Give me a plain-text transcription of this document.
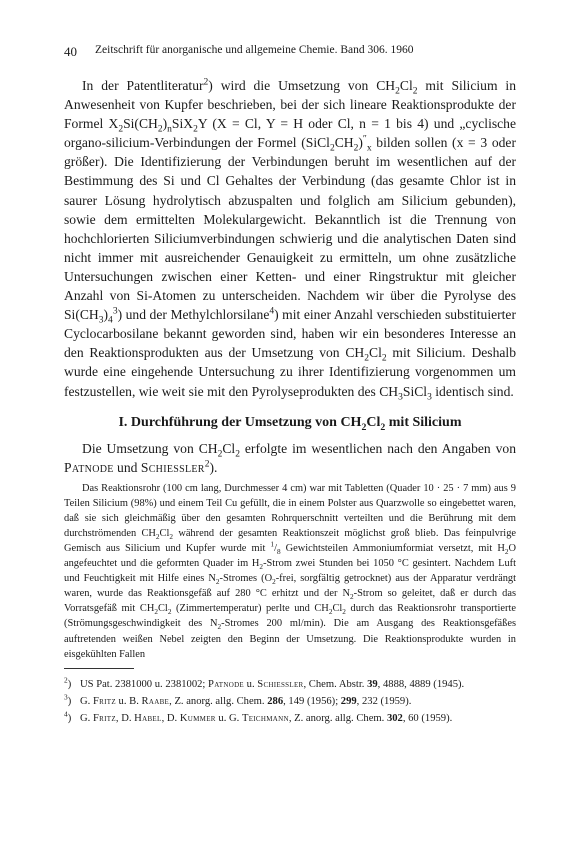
40 Zeitschrift für anorganische und allgemeine Chemie. Band 306. 1960

In der Patentliteratur$^2$) wird die Umsetzung von $CH_2Cl_2$ mit Silicium in Anwesenheit von Kupfer beschrieben, bei der sich lineare Reaktionsprodukte der Formel $X_2Si(CH_2)_nSiX_2Y$ (X = Cl, Y = H oder Cl, n = 1 bis 4) und „cyclische organo-silicium-Verbindungen der Formel $(SiCl_2CH_2)''_x$ bilden sollen (x = 3 oder größer). Die Identifizierung der Verbindungen beruht im wesentlichen auf der Bestimmung des Si und Cl Gehaltes der Verbindung (das gesamte Chlor ist in saurer Lösung hydrolytisch abzuspalten und folglich am Silicium gebunden), sowie dem ermittelten Molekulargewicht. Bekanntlich ist die Trennung von hochchlorierten Siliciumverbindungen schwierig und die analytischen Daten sind nicht immer mit ausreichender Genauigkeit zu ermitteln, um ohne zusätzliche Untersuchungen zwischen einer Ketten- und einer Ringstruktur mit gleicher Anzahl von Si-Atomen zu unterscheiden. Nachdem wir über die Pyrolyse des $Si(CH_3)_4^3$) und der Methylchlorsilane$^4$) mit einer Anzahl verschieden substituierter Cyclocarbosilane bekannt geworden sind, haben wir ein besonderes Interesse an den Reaktionsprodukten aus der Umsetzung von $CH_2Cl_2$ mit Silicium. Deshalb wurde eine eingehende Untersuchung zu ihrer Identifizierung vorgenommen um festzustellen, wie weit sie mit den Pyrolyseprodukten des $CH_3SiCl_3$ identisch sind.

I. Durchführung der Umsetzung von $CH_2Cl_2$ mit Silicium

Die Umsetzung von $CH_2Cl_2$ erfolgte im wesentlichen nach den Angaben von Patnode und Schiessler$^2$).

Das Reaktionsrohr (100 cm lang, Durchmesser 4 cm) war mit Tabletten (Quader 10 · 25 · 7 mm) aus 9 Teilen Silicium (98%) und einem Teil Cu gefüllt, die in einem Polster aus Quarzwolle so eingebettet waren, daß sie sich gleichmäßig über den gesamten Rohrquerschnitt verteilten und die Berührung mit dem durchströmenden $CH_2Cl_2$ während der gesamten Reaktionszeit möglichst groß blieb. Das feinpulvrige Gemisch aus Silicium und Kupfer wurde mit $^1/_8$ Gewichtsteilen Ammoniumformiat versetzt, mit $H_2O$ angefeuchtet und die geformten Quader im $H_2$-Strom zwei Stunden bei 1050 °C gesintert. Nachdem Luft und Feuchtigkeit mit Hilfe eines $N_2$-Stromes ($O_2$-frei, sorgfältig getrocknet) aus der Apparatur verdrängt waren, wurde das Reaktionsgefäß auf 280 °C erhitzt und der $N_2$-Strom so geleitet, daß er durch das Vorratsgefäß mit $CH_2Cl_2$ (Zimmertemperatur) perlte und $CH_2Cl_2$ durch das Reaktionsrohr transportierte (Strömungsgeschwindigkeit des $N_2$-Stromes 200 ml/min). Die am Ausgang des Reaktionsgefäßes auftretenden weißen Nebel zeigten den Beginn der Umsetzung. Die Reaktionsprodukte wurden in eisgekühlten Fallen

$^2$) US Pat. 2381000 u. 2381002; Patnode u. Schiessler, Chem. Abstr. 39, 4888, 4889 (1945).

$^3$) G. Fritz u. B. Raabe, Z. anorg. allg. Chem. 286, 149 (1956); 299, 232 (1959).

$^4$) G. Fritz, D. Habel, D. Kummer u. G. Teichmann, Z. anorg. allg. Chem. 302, 60 (1959).
